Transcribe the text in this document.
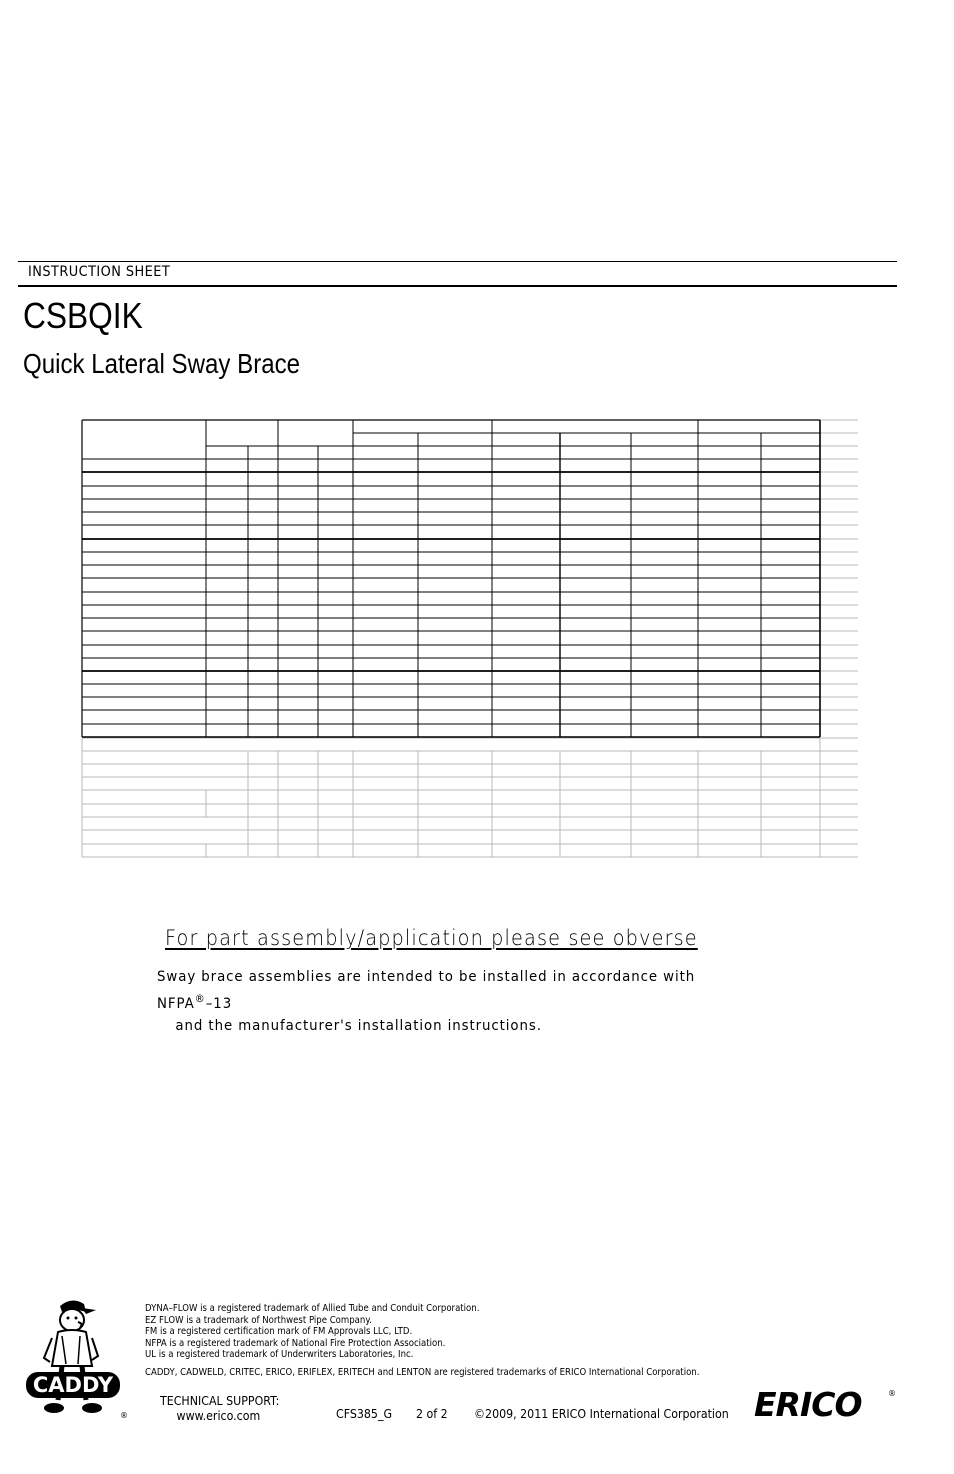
INSTRUCTION SHEET
CSBQIK
Quick Lateral Sway Brace
For part assembly/application please see obverse
Sway brace assemblies are intended to be installed in accordance with NFPA®–13
and the manufacturer's installation instructions.
CADDY
®
DYNA–FLOW is a registered trademark of Allied Tube and Conduit Corporation.
EZ FLOW is a trademark of Northwest Pipe Company.
FM is a registered certification mark of FM Approvals LLC, LTD.
NFPA is a registered trademark of National Fire Protection Association.
UL is a registered trademark of Underwriters Laboratories, Inc.
CADDY, CADWELD, CRITEC, ERICO, ERIFLEX, ERITECH and LENTON are registered trademarks of ERICO International Corporation.
TECHNICAL SUPPORT:
www.erico.com	CFS385_G 2 of 2 ©2009, 2011 ERICO International Corporation ERICO	®
